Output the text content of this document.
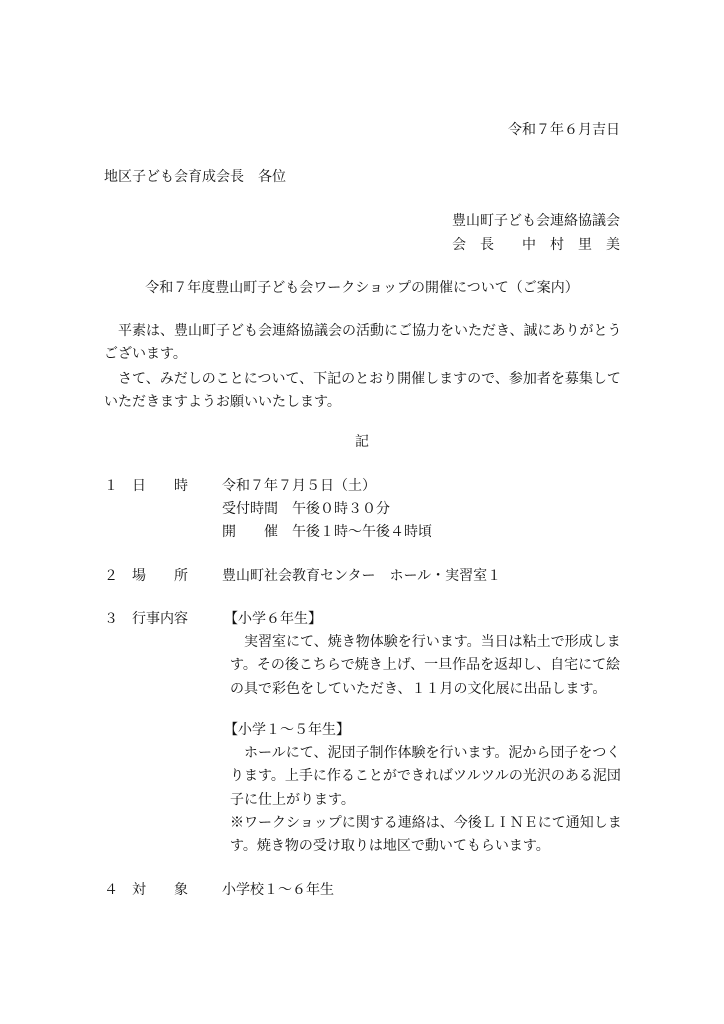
令和７年６月吉日
地区子ども会育成会長　各位
豊山町子ども会連絡協議会
会　長　　中　村　里　美
令和７年度豊山町子ども会ワークショップの開催について（ご案内）

平素は、豊山町子ども会連絡協議会の活動にご協力をいただき、誠にありがとうございます。

さて、みだしのことについて、下記のとおり開催しますので、参加者を募集していただきますようお願いいたします。

記
１ 日　　時 令和７年７月５日（土）
受付時間　午後０時３０分
開　　催　午後１時～午後４時頃
２ 場　　所 豊山町社会教育センター　ホール・実習室１
３ 行事内容	【小学６年生】

実習室にて、焼き物体験を行います。当日は粘土で形成します。その後こちらで焼き上げ、一旦作品を返却し、自宅にて絵の具で彩色をしていただき、１１月の文化展に出品します。

【小学１～５年生】

ホールにて、泥団子制作体験を行います。泥から団子をつくります。上手に作ることができればツルツルの光沢のある泥団子に仕上がります。

※ワークショップに関する連絡は、今後ＬＩＮＥにて通知します。焼き物の受け取りは地区で動いてもらいます。

４ 対　　象 小学校１～６年生
